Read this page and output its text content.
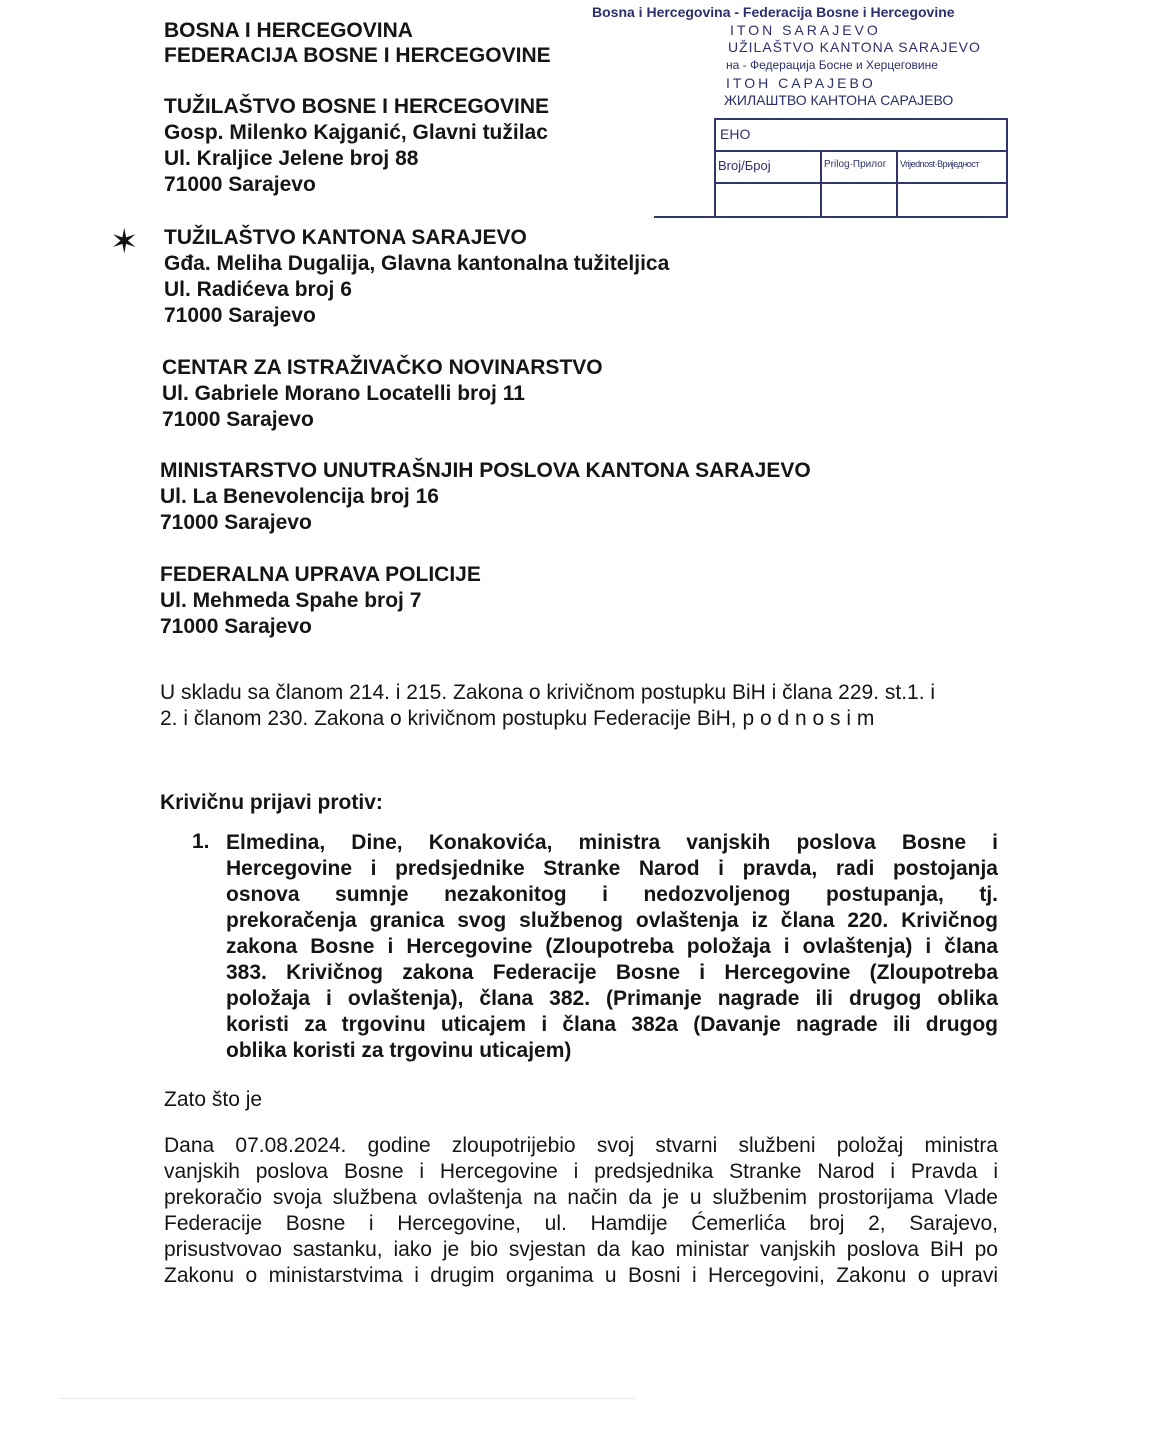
BOSNA I HERCEGOVINA
FEDERACIJA BOSNE I HERCEGOVINE
Bosna i Hercegovina - Federacija Bosne i Hercegovine
ITON SARAJEVO
UŽILAŠTVO KANTONA SARAJEVO
на - Федерација Босне и Херцеговине
ITOH CAPAJEBO
ЖИЛАШТВО КАНТОНА САРАЈЕВО
ЕНО
Broj/Број	Prilog·Прилог Vrijednost·Вриједност
TUŽILAŠTVO BOSNE I HERCEGOVINE
Gosp. Milenko Kajganić, Glavni tužilac
Ul. Kraljice Jelene broj 88
71000 Sarajevo
✶ TUŽILAŠTVO KANTONA SARAJEVO
Gđa. Meliha Dugalija, Glavna kantonalna tužiteljica
Ul. Radićeva broj 6
71000 Sarajevo
CENTAR ZA ISTRAŽIVAČKO NOVINARSTVO
Ul. Gabriele Morano Locatelli broj 11
71000 Sarajevo
MINISTARSTVO UNUTRAŠNJIH POSLOVA KANTONA SARAJEVO
Ul. La Benevolencija broj 16
71000 Sarajevo
FEDERALNA UPRAVA POLICIJE
Ul. Mehmeda Spahe broj 7
71000 Sarajevo
U skladu sa članom 214. i 215. Zakona o krivičnom postupku BiH i člana 229. st.1. i
2. i članom 230. Zakona o krivičnom postupku Federacije BiH, p o d n o s i m
Krivičnu prijavi protiv:
1. Elmedina, Dine, Konakovića, ministra vanjskih poslova Bosne i

Hercegovine i predsjednike Stranke Narod i pravda, radi postojanja

osnova sumnje nezakonitog i nedozvoljenog postupanja, tj.

prekoračenja granica svog službenog ovlaštenja iz člana 220. Krivičnog

zakona Bosne i Hercegovine (Zloupotreba položaja i ovlaštenja) i člana

383. Krivičnog zakona Federacije Bosne i Hercegovine (Zloupotreba

položaja i ovlaštenja), člana 382. (Primanje nagrade ili drugog oblika

koristi za trgovinu uticajem i člana 382a (Davanje nagrade ili drugog

oblika koristi za trgovinu uticajem)

Zato što je

Dana 07.08.2024. godine zloupotrijebio svoj stvarni službeni položaj ministra

vanjskih poslova Bosne i Hercegovine i predsjednika Stranke Narod i Pravda i

prekoračio svoja službena ovlaštenja na način da je u službenim prostorijama Vlade

Federacije Bosne i Hercegovine, ul. Hamdije Ćemerlića broj 2, Sarajevo,

prisustvovao sastanku, iako je bio svjestan da kao ministar vanjskih poslova BiH po

Zakonu o ministarstvima i drugim organima u Bosni i Hercegovini, Zakonu o upravi
